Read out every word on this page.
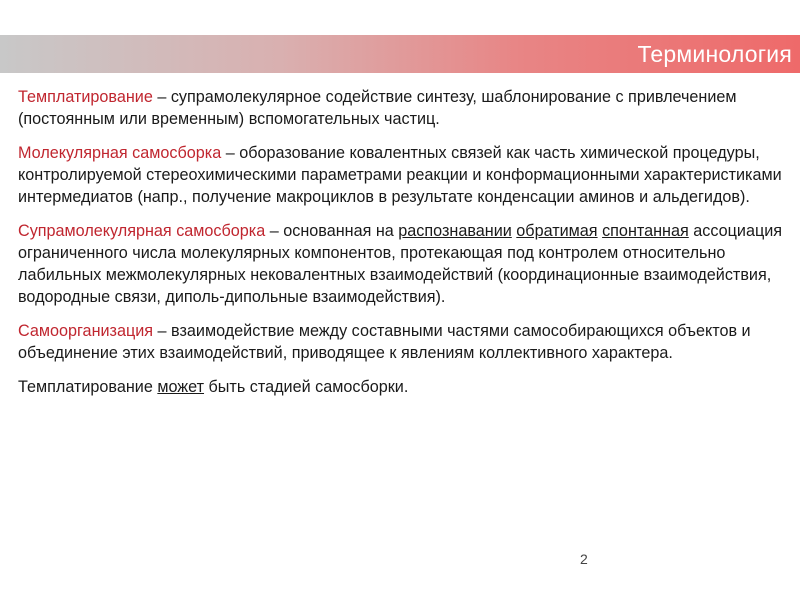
Терминология

Темплатирование – супрамолекулярное содействие синтезу, шаблонирование с привлечением (постоянным или временным) вспомогательных частиц.

Молекулярная самосборка – оборазование ковалентных связей как часть химической процедуры, контролируемой стереохимическими параметрами реакции и конформационными характеристиками интермедиатов (напр., получение макроциклов в результате конденсации аминов и альдегидов).

Супрамолекулярная самосборка – основанная на распознавании обратимая спонтанная ассоциация ограниченного числа молекулярных компонентов, протекающая под контролем относительно лабильных межмолекулярных нековалентных взаимодействий (координационные взаимодействия, водородные связи, диполь-дипольные взаимодействия).

Самоорганизация – взаимодействие между составными частями самособирающихся объектов и объединение этих взаимодействий, приводящее к явлениям коллективного характера.

Темплатирование может быть стадией самосборки.

2
